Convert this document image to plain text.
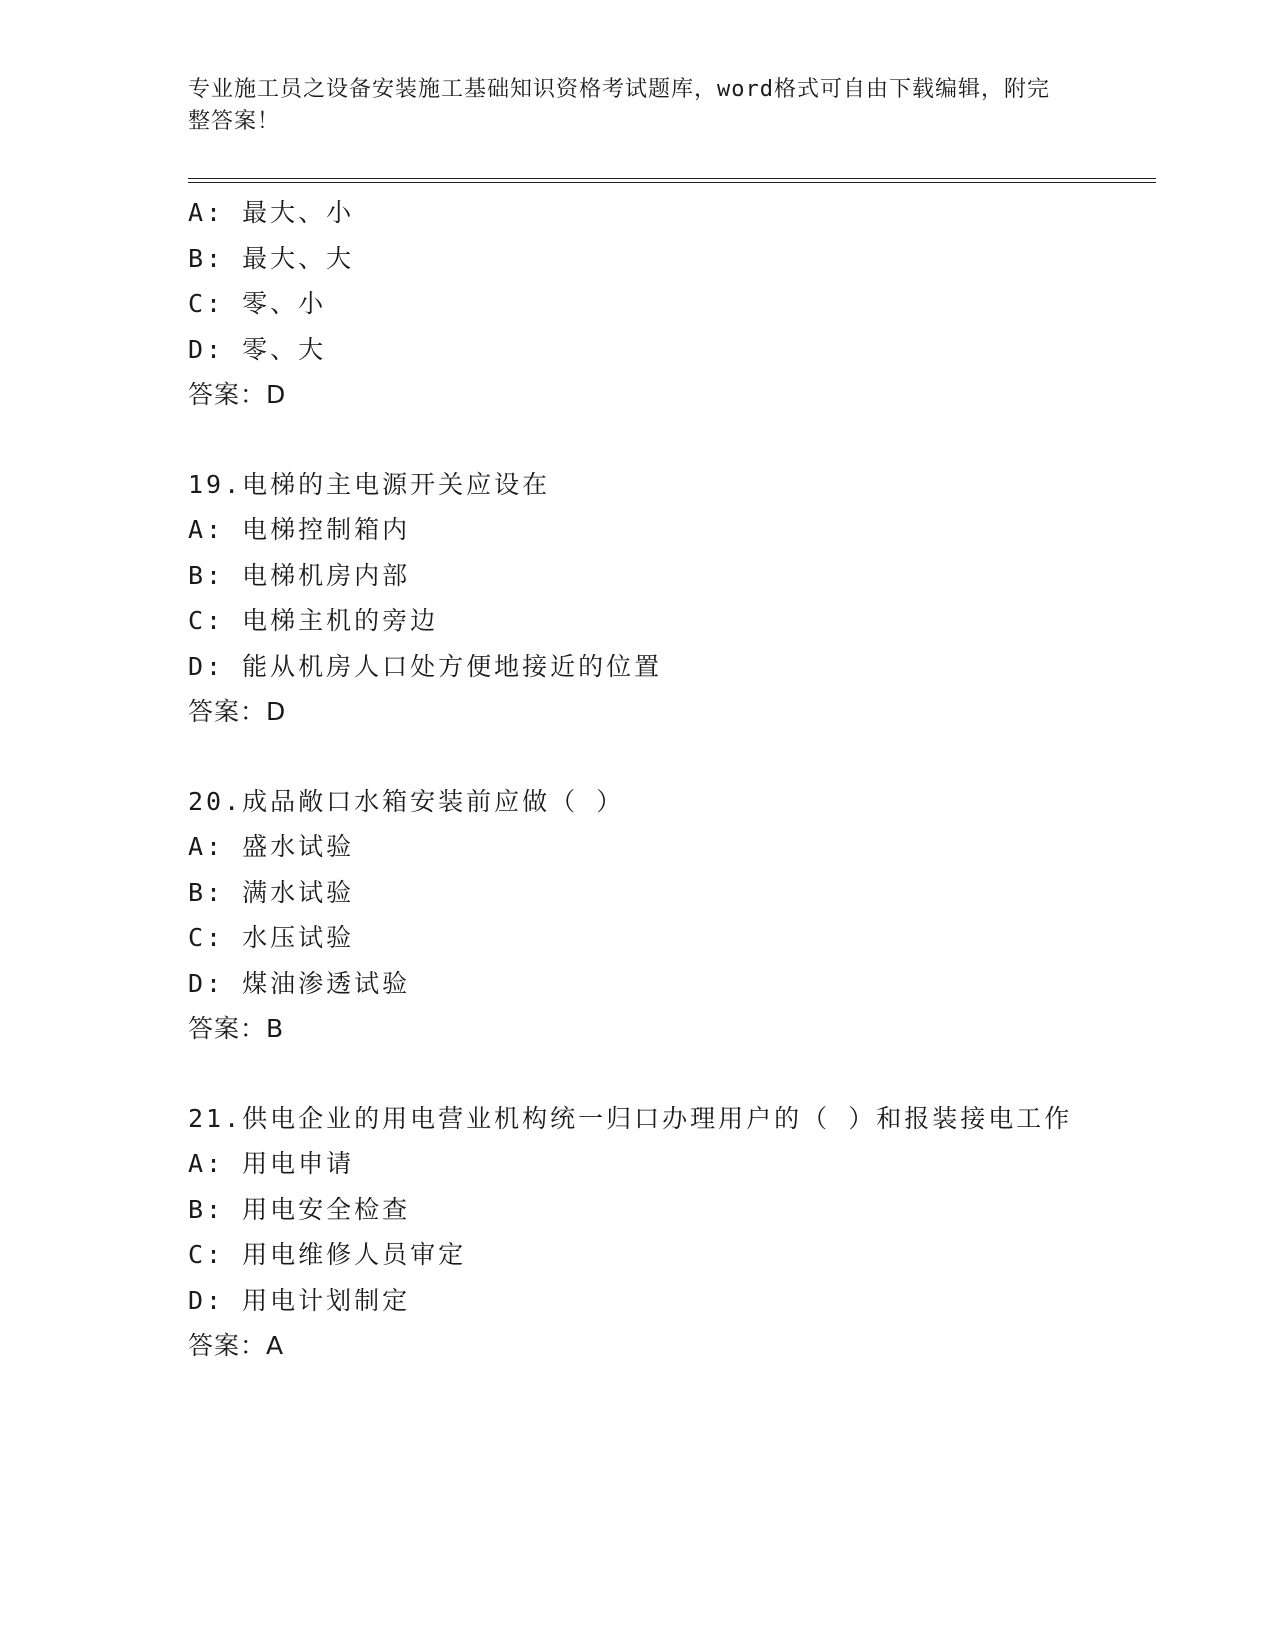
专业施工员之设备安装施工基础知识资格考试题库，word格式可自由下载编辑，附完整答案！
A: 最大、小
B: 最大、大
C: 零、小
D: 零、大
答案：D
19.电梯的主电源开关应设在
A: 电梯控制箱内
B: 电梯机房内部
C: 电梯主机的旁边
D: 能从机房人口处方便地接近的位置
答案：D
20.成品敞口水箱安装前应做（ ）
A: 盛水试验
B: 满水试验
C: 水压试验
D: 煤油渗透试验
答案：B
21.供电企业的用电营业机构统一归口办理用户的（ ）和报装接电工作
A: 用电申请
B: 用电安全检查
C: 用电维修人员审定
D: 用电计划制定
答案：A
